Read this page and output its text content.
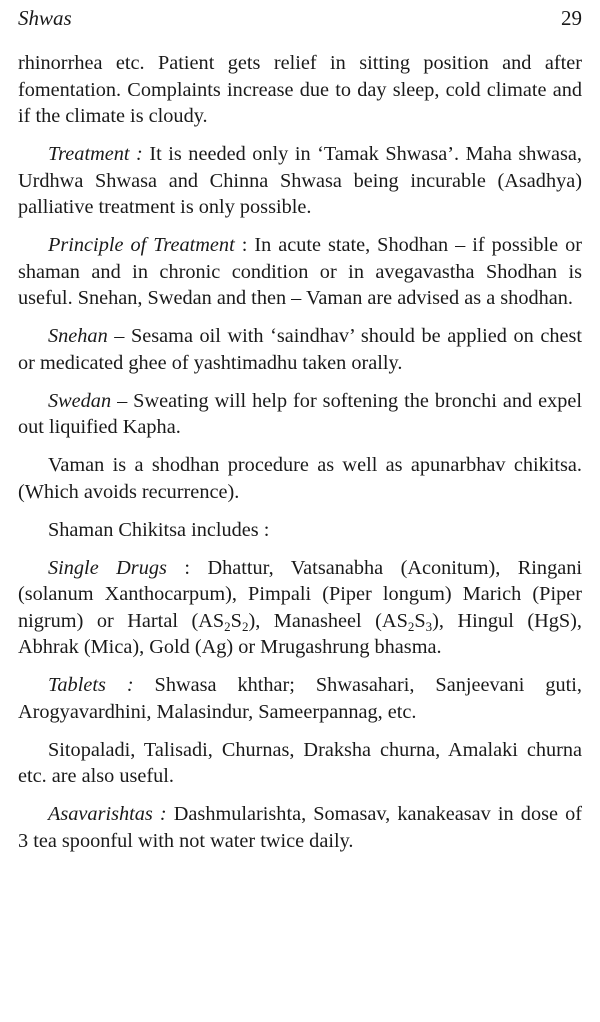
Shwas	29

rhinorrhea etc. Patient gets relief in sitting position and after fomentation. Complaints increase due to day sleep, cold climate and if the climate is cloudy.

Treatment : It is needed only in ‘Tamak Shwasa’. Maha shwasa, Urdhwa Shwasa and Chinna Shwasa being incurable (Asadhya) palliative treatment is only possible.

Principle of Treatment : In acute state, Shodhan – if possible or shaman and in chronic condition or in avegavastha Shodhan is useful. Snehan, Swedan and then – Vaman are advised as a shodhan.

Snehan – Sesama oil with ‘saindhav’ should be applied on chest or medicated ghee of yashtimadhu taken orally.

Swedan – Sweating will help for softening the bronchi and expel out liquified Kapha.

Vaman is a shodhan procedure as well as apunarbhav chikitsa. (Which avoids recurrence).

Shaman Chikitsa includes :

Single Drugs : Dhattur, Vatsanabha (Aconitum), Ringani (solanum Xanthocarpum), Pimpali (Piper longum) Marich (Piper nigrum) or Hartal $(AS_2S_2)$, Manasheel $(AS_2S_3)$, Hingul (HgS), Abhrak (Mica), Gold (Ag) or Mrugashrung bhasma.

Tablets : Shwasa khthar; Shwasahari, Sanjeevani guti, Arogyavardhini, Malasindur, Sameerpannag, etc.

Sitopaladi, Talisadi, Churnas, Draksha churna, Amalaki churna etc. are also useful.

Asavarishtas : Dashmularishta, Somasav, kanakeasav in dose of 3 tea spoonful with not water twice daily.
